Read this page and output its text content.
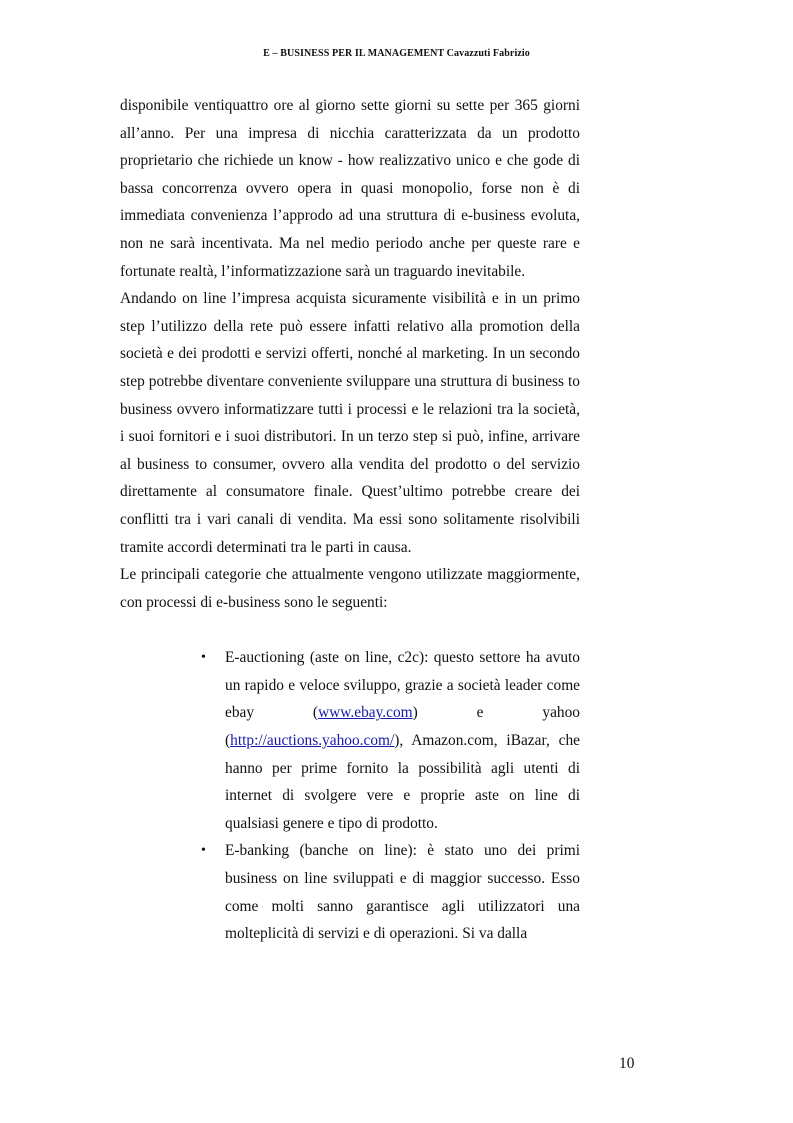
E – BUSINESS PER IL MANAGEMENT Cavazzuti Fabrizio

disponibile ventiquattro ore al giorno sette giorni su sette per 365 giorni all’anno. Per una impresa di nicchia caratterizzata da un prodotto proprietario che richiede un know - how realizzativo unico e che gode di bassa concorrenza ovvero opera in quasi monopolio, forse non è di immediata convenienza l’approdo ad una struttura di e-business evoluta, non ne sarà incentivata. Ma nel medio periodo anche per queste rare e fortunate realtà, l’informatizzazione sarà un traguardo inevitabile.

Andando on line l’impresa acquista sicuramente visibilità e in un primo step l’utilizzo della rete può essere infatti relativo alla promotion della società e dei prodotti e servizi offerti, nonché al marketing. In un secondo step potrebbe diventare conveniente sviluppare una struttura di business to business ovvero informatizzare tutti i processi e le relazioni tra la società, i suoi fornitori e i suoi distributori. In un terzo step si può, infine, arrivare al business to consumer, ovvero alla vendita del prodotto o del servizio direttamente al consumatore finale. Quest’ultimo potrebbe creare dei conflitti tra i vari canali di vendita. Ma essi sono solitamente risolvibili tramite accordi determinati tra le parti in causa.

Le principali categorie che attualmente vengono utilizzate maggiormente, con processi di e-business sono le seguenti:

• E-auctioning (aste on line, c2c): questo settore ha avuto un rapido e veloce sviluppo, grazie a società leader come ebay (www.ebay.com) e yahoo (http://auctions.yahoo.com/), Amazon.com, iBazar, che hanno per prime fornito la possibilità agli utenti di internet di svolgere vere e proprie aste on line di qualsiasi genere e tipo di prodotto.
• E-banking (banche on line): è stato uno dei primi business on line sviluppati e di maggior successo. Esso come molti sanno garantisce agli utilizzatori una molteplicità di servizi e di operazioni. Si va dalla
10
